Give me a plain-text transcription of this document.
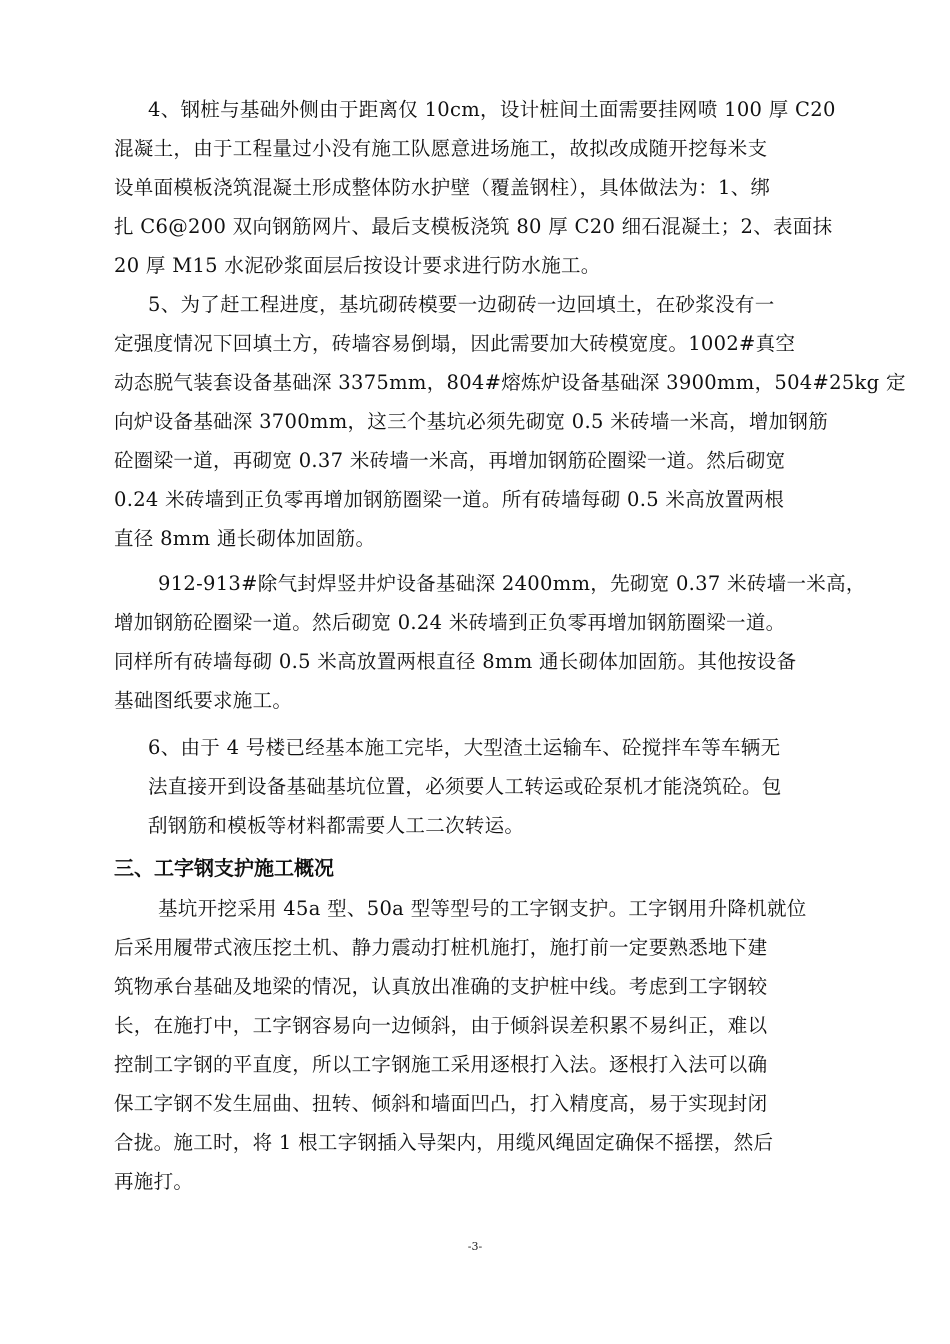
4、钢桩与基础外侧由于距离仅 10cm，设计桩间土面需要挂网喷 100 厚 C20
混凝土，由于工程量过小没有施工队愿意进场施工，故拟改成随开挖每米支
设单面模板浇筑混凝土形成整体防水护壁（覆盖钢柱），具体做法为：1、绑
扎 C6@200 双向钢筋网片、最后支模板浇筑 80 厚 C20 细石混凝土；2、表面抹
20 厚 M15 水泥砂浆面层后按设计要求进行防水施工。
5、为了赶工程进度，基坑砌砖模要一边砌砖一边回填土，在砂浆没有一
定强度情况下回填土方，砖墙容易倒塌，因此需要加大砖模宽度。1002#真空
动态脱气装套设备基础深 3375mm，804#熔炼炉设备基础深 3900mm，504#25kg 定
向炉设备基础深 3700mm，这三个基坑必须先砌宽 0.5 米砖墙一米高，增加钢筋
砼圈梁一道，再砌宽 0.37 米砖墙一米高，再增加钢筋砼圈梁一道。然后砌宽
0.24 米砖墙到正负零再增加钢筋圈梁一道。所有砖墙每砌 0.5 米高放置两根
直径 8mm 通长砌体加固筋。
912-913#除气封焊竖井炉设备基础深 2400mm，先砌宽 0.37 米砖墙一米高，
增加钢筋砼圈梁一道。然后砌宽 0.24 米砖墙到正负零再增加钢筋圈梁一道。
同样所有砖墙每砌 0.5 米高放置两根直径 8mm 通长砌体加固筋。其他按设备
基础图纸要求施工。
6、由于 4 号楼已经基本施工完毕，大型渣土运输车、砼搅拌车等车辆无
法直接开到设备基础基坑位置，必须要人工转运或砼泵机才能浇筑砼。包
刮钢筋和模板等材料都需要人工二次转运。
三、工字钢支护施工概况
基坑开挖采用 45a 型、50a 型等型号的工字钢支护。工字钢用升降机就位
后采用履带式液压挖土机、静力震动打桩机施打，施打前一定要熟悉地下建
筑物承台基础及地梁的情况，认真放出准确的支护桩中线。考虑到工字钢较
长，在施打中，工字钢容易向一边倾斜，由于倾斜误差积累不易纠正，难以
控制工字钢的平直度，所以工字钢施工采用逐根打入法。逐根打入法可以确
保工字钢不发生屈曲、扭转、倾斜和墙面凹凸，打入精度高，易于实现封闭
合拢。施工时，将 1 根工字钢插入导架内，用缆风绳固定确保不摇摆，然后
再施打。
-3-
